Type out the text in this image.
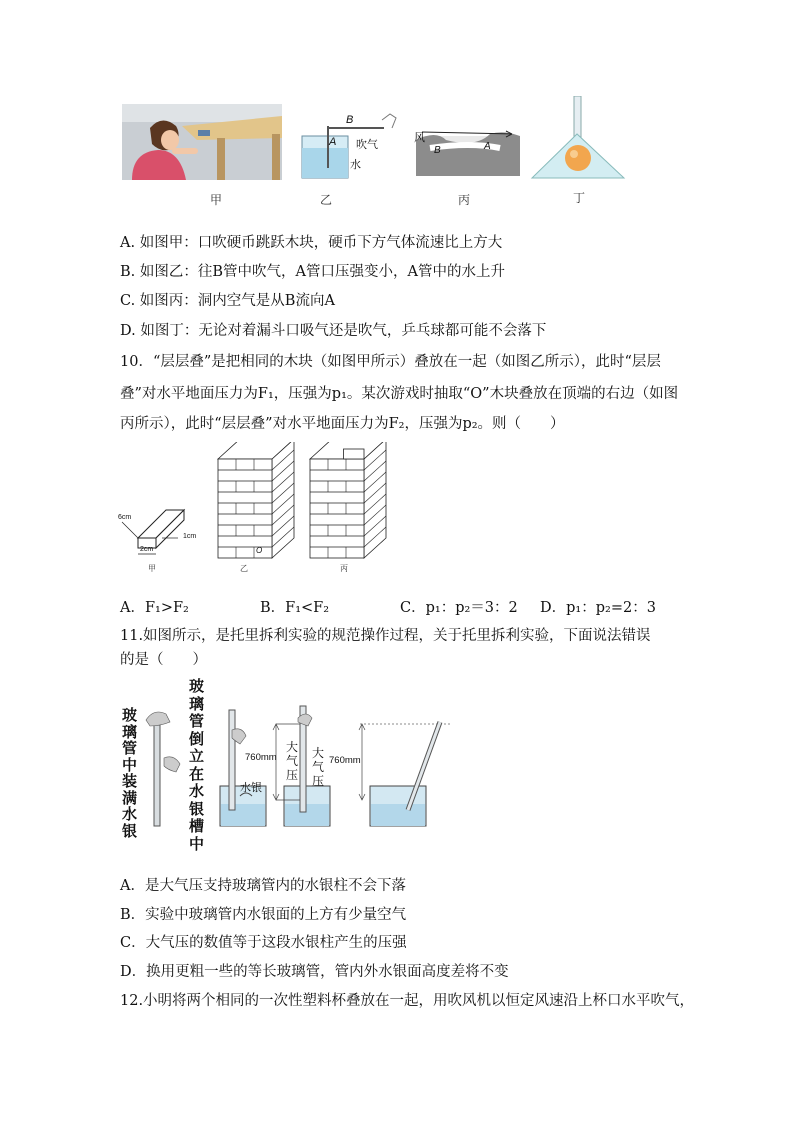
B
A 吹气
水
风
B	A
甲	乙	丙	丁
A. 如图甲：口吹硬币跳跃木块，硬币下方气体流速比上方大
B. 如图乙：往B管中吹气，A管口压强变小，A管中的水上升
C. 如图丙：洞内空气是从B流向A
D. 如图丁：无论对着漏斗口吸气还是吹气，乒乓球都可能不会落下
10．“层层叠”是把相同的木块（如图甲所示）叠放在一起（如图乙所示），此时“层层
叠”对水平地面压力为F₁，压强为p₁。某次游戏时抽取“O”木块叠放在顶端的右边（如图
丙所示），此时“层层叠”对水平地面压力为F₂，压强为p₂。则（　　）
6cm
1cm
2cm	O
甲	乙	丙
A．F₁>F₂	B．F₁<F₂	C．p₁：p₂＝3：2 D．p₁：p₂=2：3
11.如图所示，是托里拆利实验的规范操作过程，关于托里拆利实验，下面说法错误
的是（　　）
玻
璃
管
中
装
满
水
银
玻
璃
管
倒
立
在
水
银
槽
中
水银
760mm
大
气
压
大
气
压
760mm
A．是大气压支持玻璃管内的水银柱不会下落
B．实验中玻璃管内水银面的上方有少量空气
C．大气压的数值等于这段水银柱产生的压强
D．换用更粗一些的等长玻璃管，管内外水银面高度差将不变
12.小明将两个相同的一次性塑料杯叠放在一起，用吹风机以恒定风速沿上杯口水平吹气，
